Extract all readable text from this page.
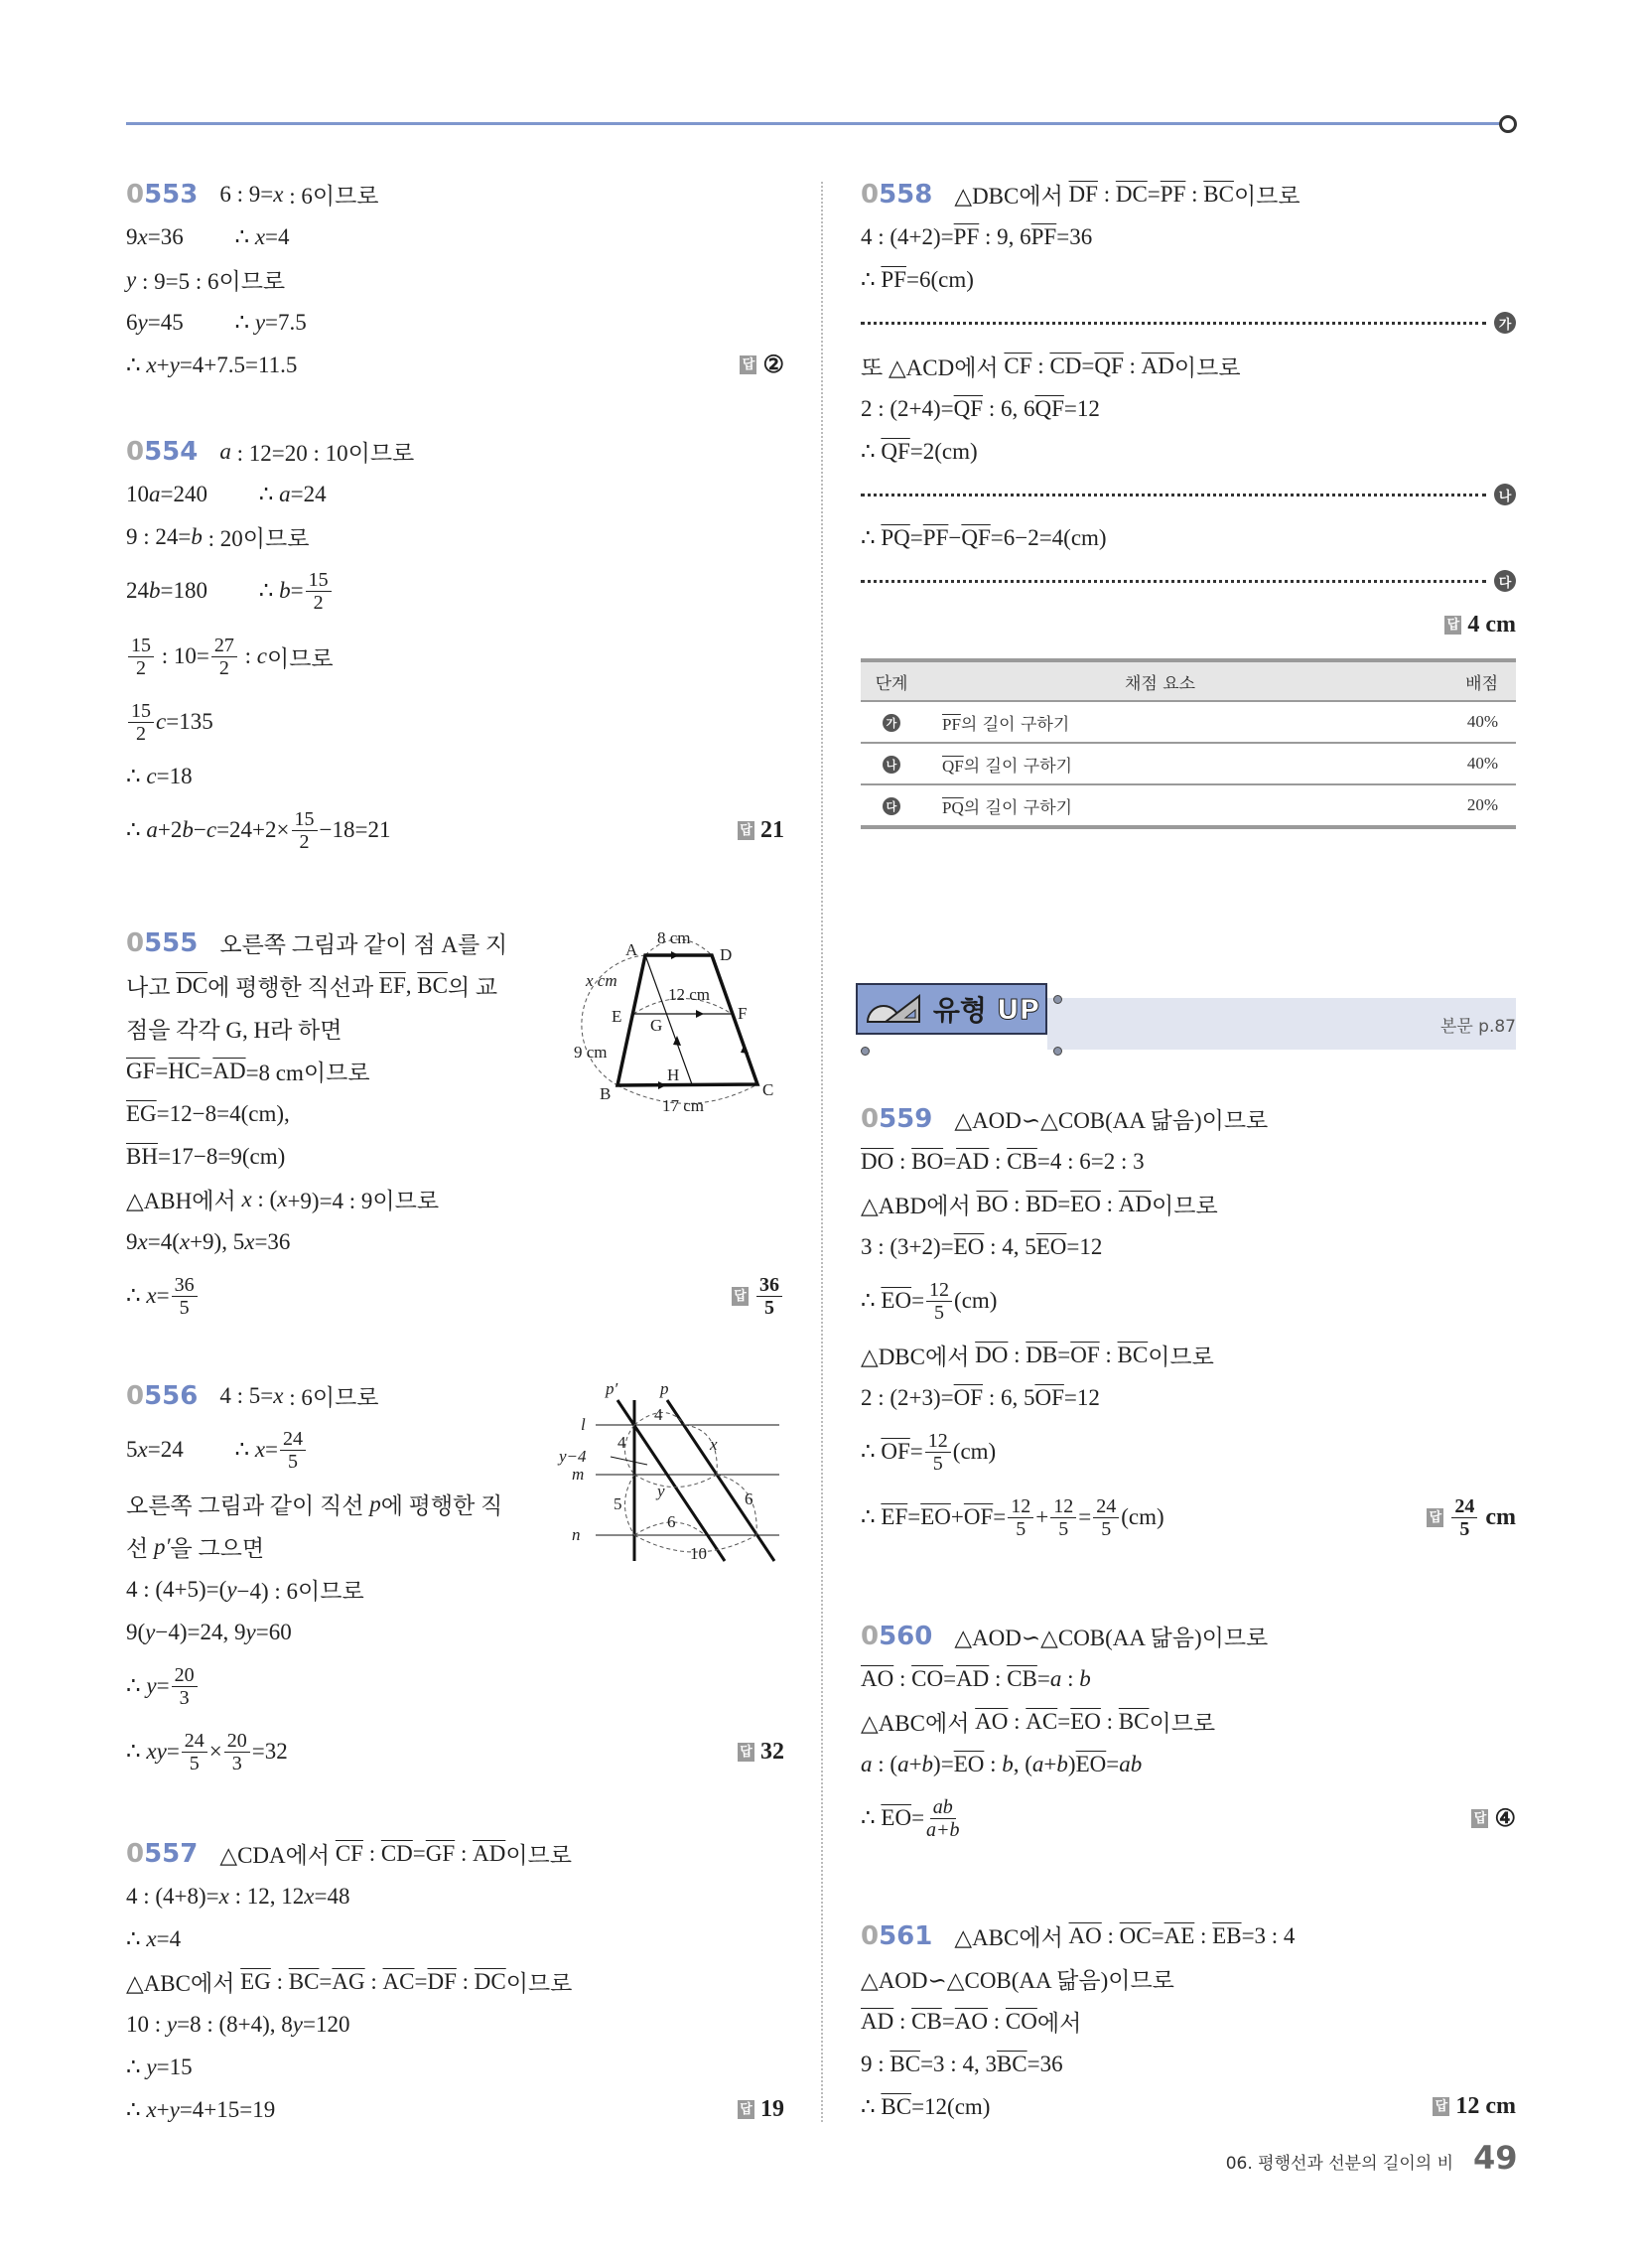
0553 6 : 9= x : 6이므로
9 x =36   ∴ x =4
y : 9=5 : 6이므로
6 y =45   ∴ y =7.5
∴ x + y =4+7.5=11.5	답 ②
0554 a : 12=20 : 10이므로
10 a =240   ∴ a =24
9 : 24= b : 20이므로
24 b =180   ∴ $b = \frac{15}{2}$
$\frac{15}{2}$ : $10= \frac{27}{2}$ : c 이므로
$\frac{15}{2}$ c =135
∴ c =18
∴ a +2 $b - c =24+2\times \frac{15}{2} -18=21$	답 21
0555 오른쪽 그림과 같이 점 A를 지
나고 $\overline{DC}$ 에 평행한 직선과 $\overline{EF}$ , $\overline{BC}$ 의 교
점을 각각 G, H라 하면
$\overline{GF} = \overline{HC} = \overline{AD} =8$ cm이므로
$\overline{EG} =12-8=4(cm)$,
$\overline{BH} =17-8=9(cm)$
△ABH에서 x : ( x +9)=4 : 9이므로
9 x =4( x +9), 5 x =36
∴ $x = \frac{36}{5}$	답 $\frac{36}{5}$
0556 4 : 5= x : 6이므로
5 x =24   ∴ $x = \frac{24}{5}$
오른쪽 그림과 같이 직선 p 에 평행한 직
선 p′ 을 그으면
4 : (4+5)=( y −4) : 6이므로
9( y −4)=24, 9 y =60
∴ $y = \frac{20}{3}$
∴ xy = $\frac{24}{5} \times \frac{20}{3} =32$	답 32
0557 △CDA에서 $\overline{CF}$ : $\overline{CD} = \overline{GF}$ : $\overline{AD}$ 이므로
4 : (4+8)= x : 12, 12 x =48
∴ x =4
△ABC에서 $\overline{EG}$ : $\overline{BC} = \overline{AG}$ : $\overline{AC} = \overline{DF}$ : $\overline{DC}$ 이므로
10 : y =8 : (8+4), 8 y =120
∴ y =15
∴ x + y =4+15=19	답 19
0558 △DBC에서 $\overline{DF}$ : $\overline{DC} = \overline{PF}$ : $\overline{BC}$ 이므로
4 : $(4+2)= \overline{PF}$ : 9, 6 $\overline{PF} =36$
∴ $\overline{PF} =6(cm)$
가
또 △ACD에서 $\overline{CF}$ : $\overline{CD} = \overline{QF}$ : $\overline{AD}$ 이므로
2 : $(2+4)= \overline{QF}$ : 6, 6 $\overline{QF} =12$
∴ $\overline{QF} =2(cm)$
나
∴ $\overline{PQ} = \overline{PF} - \overline{QF} =6-2=4(cm)$
다
답 4 cm
0559 △AOD∽△COB(AA 닮음)이므로
$\overline{DO}$ : $\overline{BO} = \overline{AD}$ : $\overline{CB} =4$ : 6=2 : 3
△ABD에서 $\overline{BO}$ : $\overline{BD} = \overline{EO}$ : $\overline{AD}$ 이므로
3 : $(3+2)= \overline{EO}$ : 4, 5 $\overline{EO} =12$
∴ $\overline{EO} = \frac{12}{5} (cm)$
△DBC에서 $\overline{DO}$ : $\overline{DB} = \overline{OF}$ : $\overline{BC}$ 이므로
2 : $(2+3)= \overline{OF}$ : 6, 5 $\overline{OF} =12$
∴ $\overline{OF} = \frac{12}{5} (cm)$
∴ $\overline{EF} = \overline{EO} + \overline{OF} = \frac{12}{5} + \frac{12}{5} = \frac{24}{5} (cm)$	답 $\frac{24}{5}$ cm
0560 △AOD∽△COB(AA 닮음)이므로
$\overline{AO}$ : $\overline{CO} = \overline{AD}$ : $\overline{CB} = a$ : b
△ABC에서 $\overline{AO}$ : $\overline{AC} = \overline{EO}$ : $\overline{BC}$ 이므로
a : ( a + b )= $\overline{EO}$ : b , ( a + b ) $\overline{EO}$ = ab
∴ $\overline{EO} = \frac{ab}{a+b}$	답 ④
0561 △ABC에서 $\overline{AO}$ : $\overline{OC} = \overline{AE}$ : $\overline{EB} =3$ : 4
△AOD∽△COB(AA 닮음)이므로
$\overline{AD}$ : $\overline{CB} = \overline{AO}$ : $\overline{CO}$ 에서
9 : $\overline{BC} =3$ : 4, 3 $\overline{BC} =36$
∴ $\overline{BC} =12(cm)$	답 12 cm
A	D
8 cm
x cm
12 cm
E	F
G
9 cm
H
B	C
17 cm
p′	p
l
m
n
4
4
y−4
x
y
5
6
6
10
단계	채점 요소	배점
가	$\overline{PF}$의 길이 구하기	40%
나	$\overline{QF}$의 길이 구하기	40%
다	$\overline{PQ}$의 길이 구하기	20%
유형 UP
본문 p.87
06. 평행선과 선분의 길이의 비 49
